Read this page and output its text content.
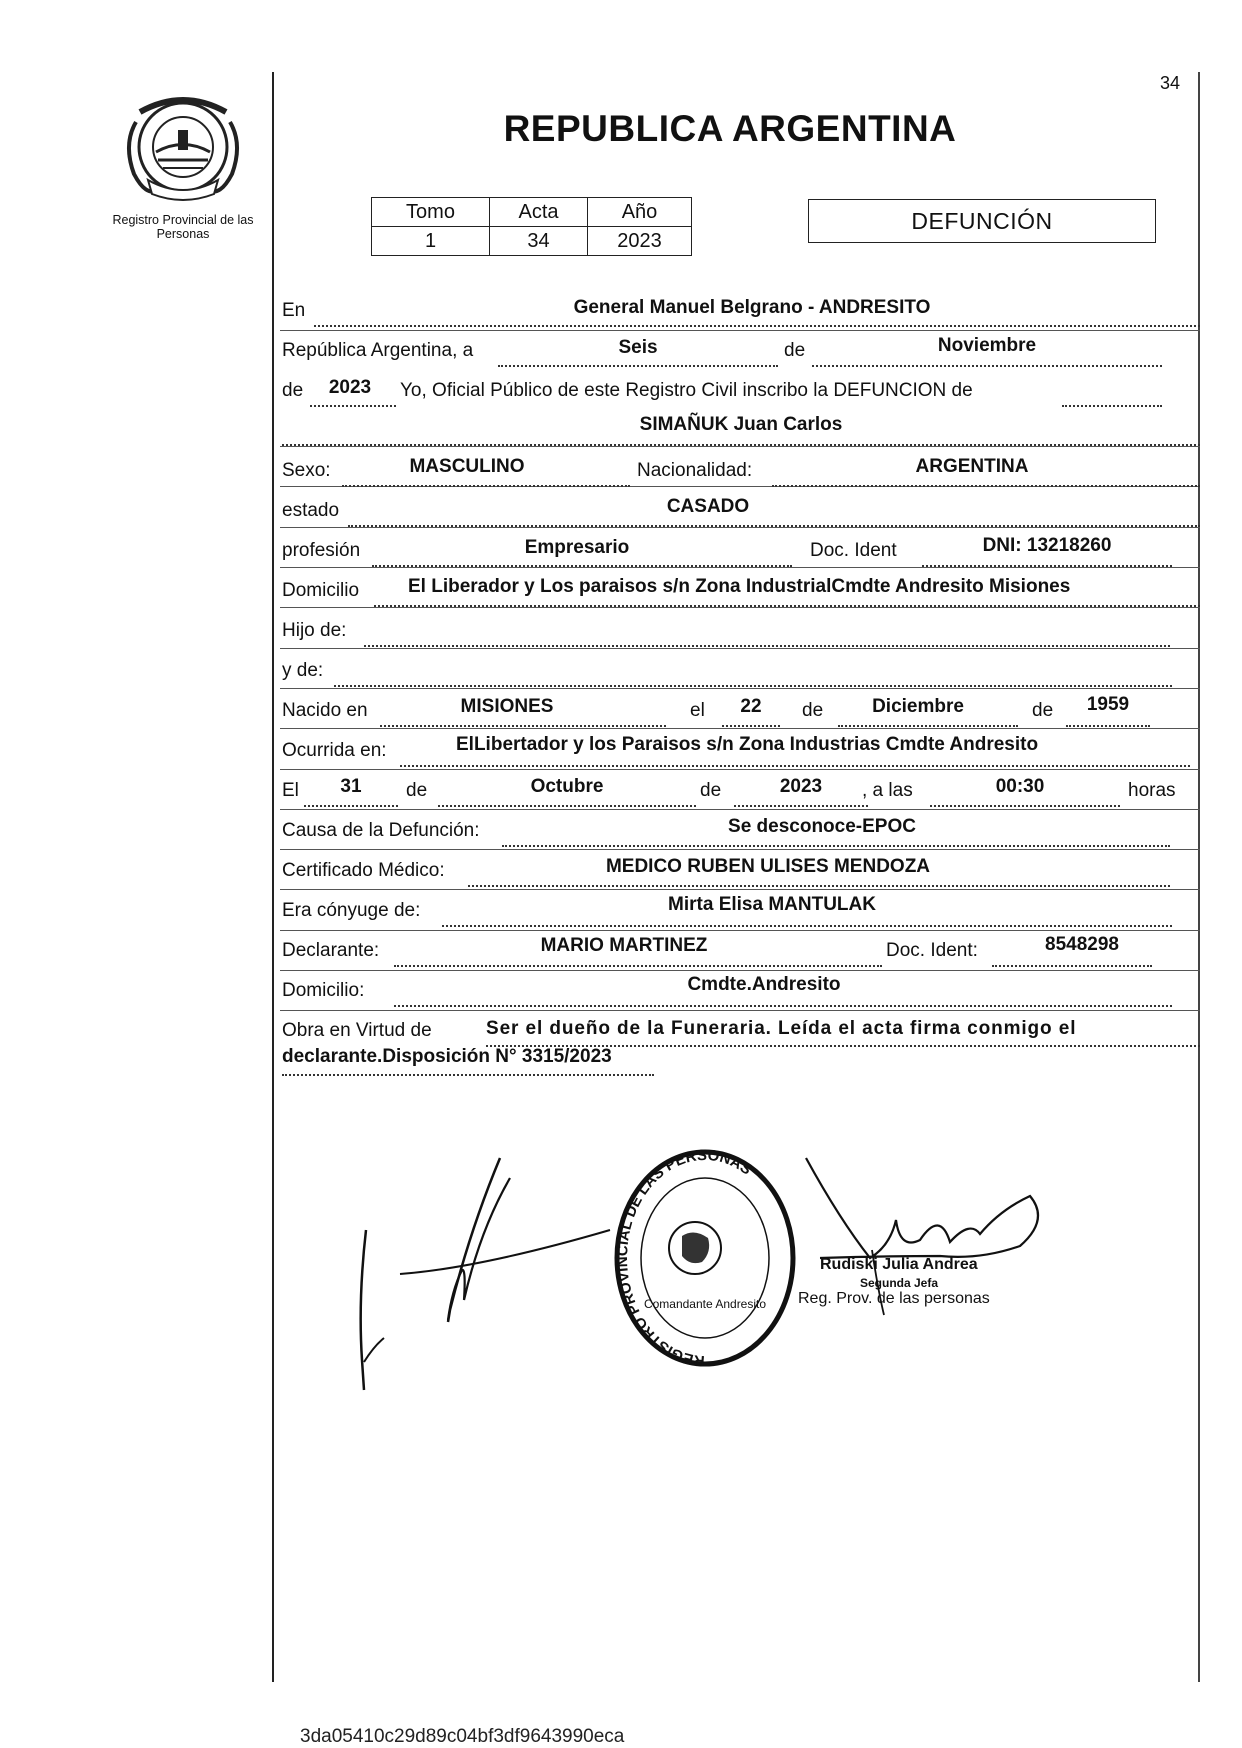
34
Registro Provincial de las Personas
REPUBLICA ARGENTINA
Tomo	Acta	Año
1	34	2023
DEFUNCIÓN
En	General Manuel Belgrano - ANDRESITO
República Argentina, a	Seis	de	Noviembre
de	2023	Yo, Oficial Público de este Registro Civil inscribo la DEFUNCION de
SIMAÑUK Juan Carlos
Sexo:	MASCULINO	Nacionalidad:	ARGENTINA
estado	CASADO
profesión	Empresario	Doc. Ident	DNI: 13218260
Domicilio	El Liberador y Los paraisos s/n Zona IndustrialCmdte Andresito Misiones
Hijo de:
y de:
Nacido en	MISIONES	el	22	de	Diciembre	de	1959
Ocurrida en:	ElLibertador y los Paraisos s/n Zona Industrias Cmdte Andresito
El	31	de	Octubre	de	2023	, a las	00:30	horas
Causa de la Defunción:	Se desconoce-EPOC
Certificado Médico:	MEDICO RUBEN ULISES MENDOZA
Era cónyuge de:	Mirta Elisa MANTULAK
Declarante:	MARIO MARTINEZ	Doc. Ident:	8548298
Domicilio:	Cmdte.Andresito
Obra en Virtud de	Ser el dueño de la Funeraria. Leída el acta firma conmigo el
declarante.Disposición N° 3315/2023
REGISTRO PROVINCIAL DE LAS PERSONAS
Comandante Andresito
Rudiski Julia Andrea
Segunda Jefa
Reg. Prov. de las personas
3da05410c29d89c04bf3df9643990eca
